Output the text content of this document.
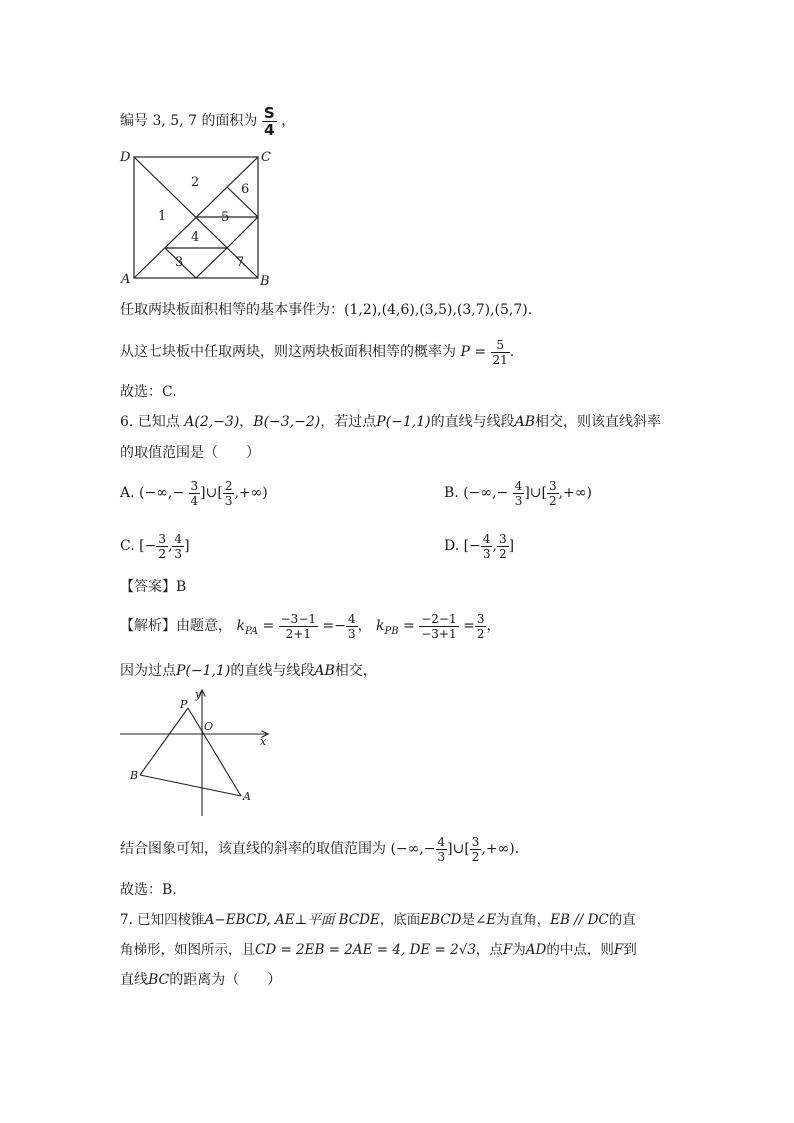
编号 3, 5, 7 的面积为 $\frac{S}{4}$ ，
D	C
A	B
1
2
3
4
5
6
7
任取两块板面积相等的基本事件为：(1,2),(4,6),(3,5),(3,7),(5,7).
从这七块板中任取两块，则这两块板面积相等的概率为 $P = \frac{5}{21}$ .
故选：C.
6. 已知点 A(2,−3)，B(−3,−2)，若过点P(−1,1)的直线与线段AB相交，则该直线斜率
的取值范围是（　　）
A. (−∞,− $\frac{3}{4}$ ]∪[ $\frac{2}{3}$ ,+∞)	B. (−∞,− $\frac{4}{3}$ ]∪[ $\frac{3}{2}$ ,+∞)
C. [− $\frac{3}{2}$ , $\frac{4}{3}$ ]	D. [− $\frac{4}{3}$ , $\frac{3}{2}$ ]
【答案】B
【解析】由题意， $k_{PA} = \frac{-3-1}{2+1} =- \frac{4}{3}$ ， $k_{PB} = \frac{-2-1}{-3+1} = \frac{3}{2}$ ，
因为过点P(−1,1)的直线与线段AB相交，
y
x
O
P
A
B
结合图象可知，该直线的斜率的取值范围为 (−∞,− $\frac{4}{3}$ ]∪[ $\frac{3}{2}$ ,+∞).
故选：B.
7. 已知四棱锥A−EBCD, AE⊥平面 BCDE，底面EBCD是∠E为直角，EB // DC的直
角梯形，如图所示，且CD = 2EB = 2AE = 4, DE = 2√3，点F为AD的中点，则F到
直线BC的距离为（　　）
